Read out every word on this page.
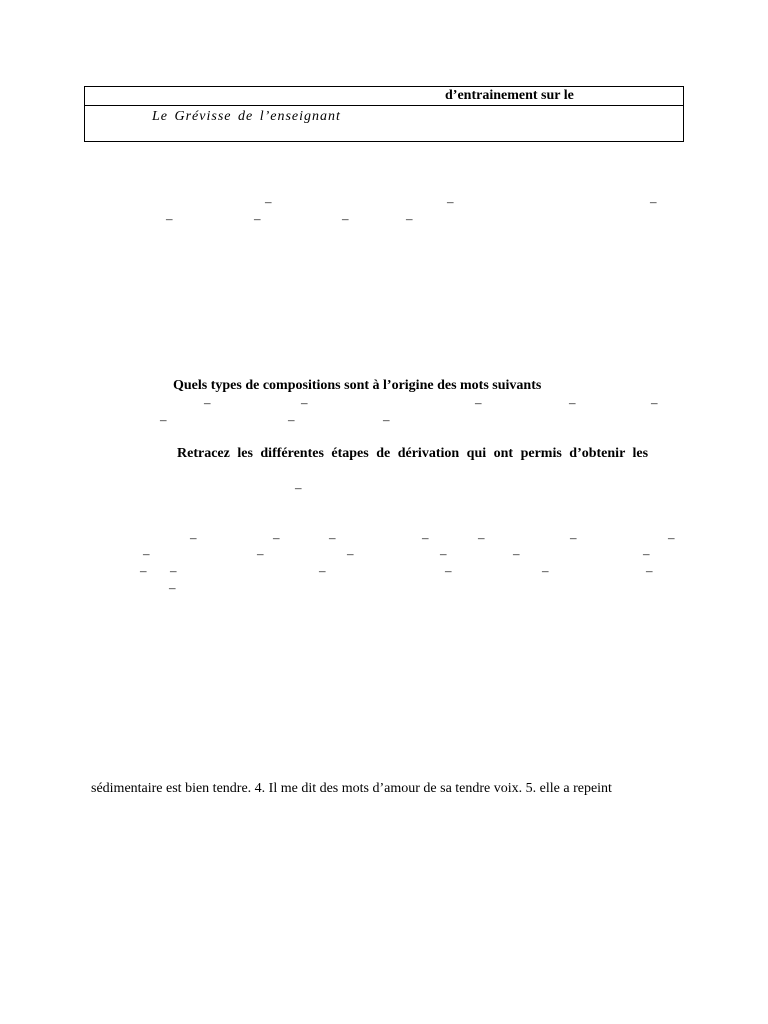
d’entrainement sur le
Le Grévisse de l’enseignant
–	–	–
–	–	–	–
Quels types de compositions sont à l’origine des mots suivants
–	–	–	–	–
–	–	–
Retracez les différentes étapes de dérivation qui ont permis d’obtenir les
–
–	–	–	–	–	–	–
–	–	–	–	–	–
– –	–	–	–	–
–
sédimentaire est bien tendre. 4. Il me dit des mots d’amour de sa tendre voix. 5. elle a repeint
